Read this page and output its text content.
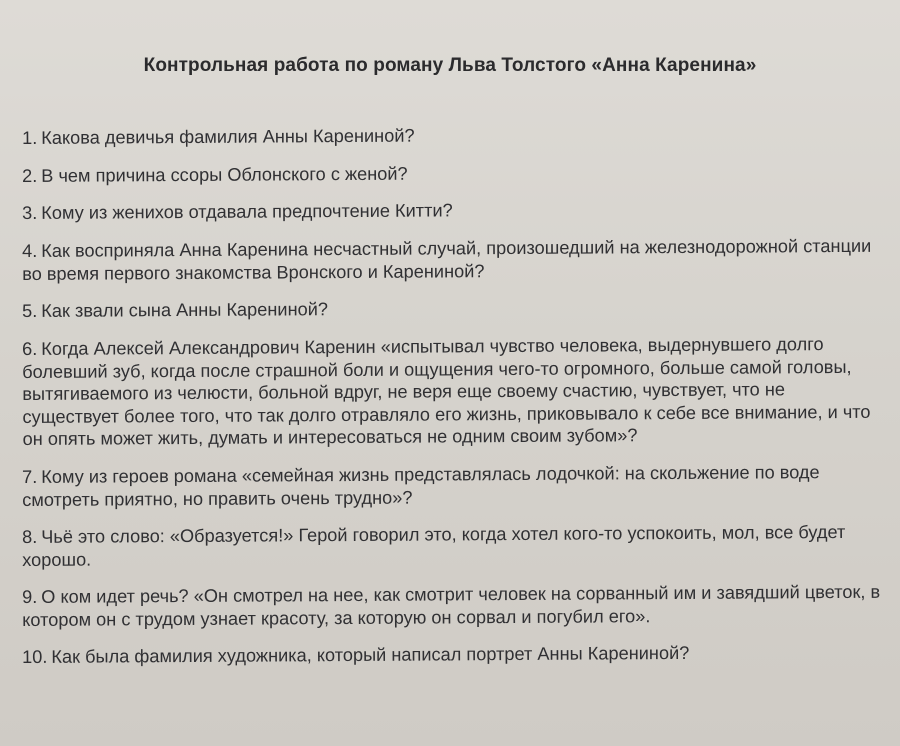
Контрольная работа по роману Льва Толстого «Анна Каренина»
1. Какова девичья фамилия Анны Карениной?
2. В чем причина ссоры Облонского с женой?
3. Кому из женихов отдавала предпочтение Китти?
4. Как восприняла Анна Каренина несчастный случай, произошедший на железнодорожной станции во время первого знакомства Вронского и Карениной?
5. Как звали сына Анны Карениной?
6. Когда Алексей Александрович Каренин «испытывал чувство человека, выдернувшего долго болевший зуб, когда после страшной боли и ощущения чего-то огромного, больше самой головы, вытягиваемого из челюсти, больной вдруг, не веря еще своему счастию, чувствует, что не существует более того, что так долго отравляло его жизнь, приковывало к себе все внимание, и что он опять может жить, думать и интересоваться не одним своим зубом»?
7. Кому из героев романа «семейная жизнь представлялась лодочкой: на скольжение по воде смотреть приятно, но править очень трудно»?
8. Чьё это слово: «Образуется!» Герой говорил это, когда хотел кого-то успокоить, мол, все будет хорошо.
9. О ком идет речь? «Он смотрел на нее, как смотрит человек на сорванный им и завядший цветок, в котором он с трудом узнает красоту, за которую он сорвал и погубил его».
10. Как была фамилия художника, который написал портрет Анны Карениной?
